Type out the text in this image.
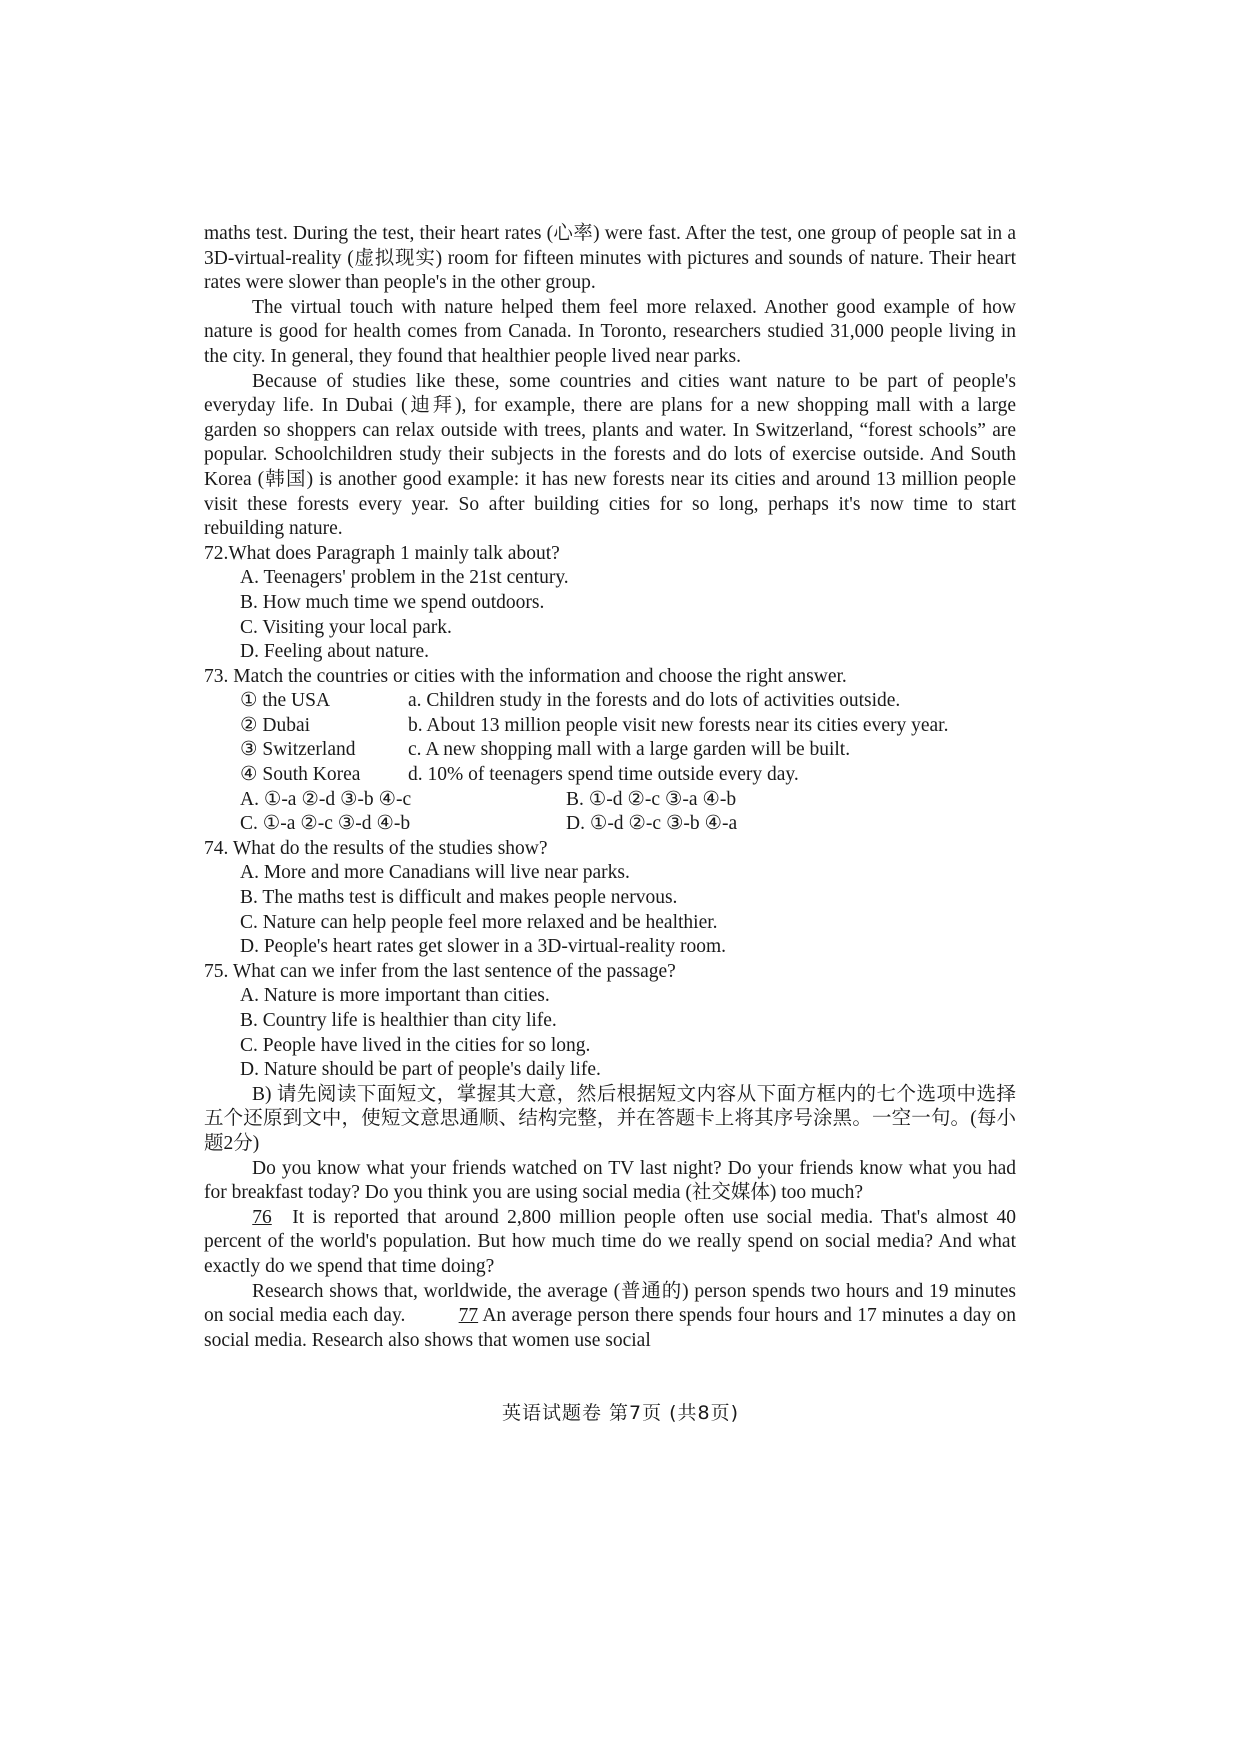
maths test. During the test, their heart rates (心率) were fast. After the test, one group of people sat in a 3D-virtual-reality (虚拟现实) room for fifteen minutes with pictures and sounds of nature. Their heart rates were slower than people's in the other group.

The virtual touch with nature helped them feel more relaxed. Another good example of how nature is good for health comes from Canada. In Toronto, researchers studied 31,000 people living in the city. In general, they found that healthier people lived near parks.

Because of studies like these, some countries and cities want nature to be part of people's everyday life. In Dubai (迪拜), for example, there are plans for a new shopping mall with a large garden so shoppers can relax outside with trees, plants and water. In Switzerland, “forest schools” are popular. Schoolchildren study their subjects in the forests and do lots of exercise outside. And South Korea (韩国) is another good example: it has new forests near its cities and around 13 million people visit these forests every year. So after building cities for so long, perhaps it's now time to start rebuilding nature.

72.What does Paragraph 1 mainly talk about?

A. Teenagers' problem in the 21st century.

B. How much time we spend outdoors.

C. Visiting your local park.

D. Feeling about nature.

73. Match the countries or cities with the information and choose the right answer.

① the USA	a. Children study in the forests and do lots of activities outside.
② Dubai	b. About 13 million people visit new forests near its cities every year.
③ Switzerland	c. A new shopping mall with a large garden will be built.
④ South Korea	d. 10% of teenagers spend time outside every day.
A. ①-a ②-d ③-b ④-c	B. ①-d ②-c ③-a ④-b
C. ①-a ②-c ③-d ④-b	D. ①-d ②-c ③-b ④-a

74. What do the results of the studies show?

A. More and more Canadians will live near parks.

B. The maths test is difficult and makes people nervous.

C. Nature can help people feel more relaxed and be healthier.

D. People's heart rates get slower in a 3D-virtual-reality room.

75. What can we infer from the last sentence of the passage?

A. Nature is more important than cities.

B. Country life is healthier than city life.

C. People have lived in the cities for so long.

D. Nature should be part of people's daily life.

B) 请先阅读下面短文，掌握其大意，然后根据短文内容从下面方框内的七个选项中选择五个还原到文中，使短文意思通顺、结构完整，并在答题卡上将其序号涂黑。一空一句。(每小题2分)

Do you know what your friends watched on TV last night? Do your friends know what you had for breakfast today? Do you think you are using social media (社交媒体) too much?

76 It is reported that around 2,800 million people often use social media. That's almost 40 percent of the world's population. But how much time do we really spend on social media? And what exactly do we spend that time doing?

Research shows that, worldwide, the average (普通的) person spends two hours and 19 minutes on social media each day. 77 An average person there spends four hours and 17 minutes a day on social media. Research also shows that women use social

英语试题卷 第7页 (共8页)
